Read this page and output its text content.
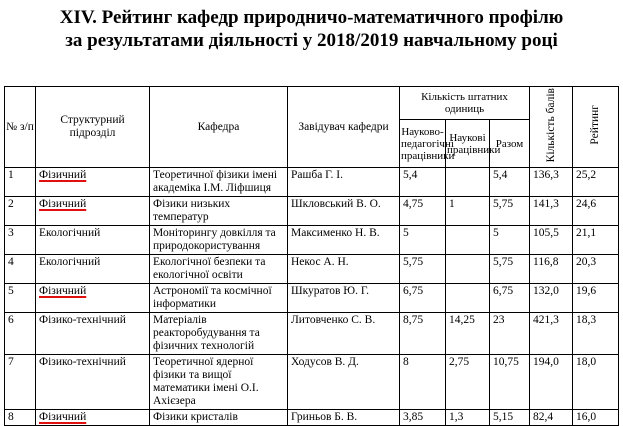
XIV. Рейтинг кафедр природничо-математичного профілю
за результатами діяльності у 2018/2019 навчальному році
№ з/п	Структурний підрозділ	Кафедра	Завідувач кафедри	Кількість штатних одиниць			Кількість балів	Рейтинг
				Науково-педагогічні працівники	Наукові працівники	Разом		
1	Фізичний	Теоретичної фізики імені академіка І.М. Ліфшиця	Рашба Г. І.	5,4		5,4	136,3	25,2
2	Фізичний	Фізики низьких температур	Шкловський В. О.	4,75	1	5,75	141,3	24,6
3	Екологічний	Моніторингу довкілля та природокористування	Максименко Н. В.	5		5	105,5	21,1
4	Екологічний	Екологічної безпеки та екологічної освіти	Некос А. Н.	5,75		5,75	116,8	20,3
5	Фізичний	Астрономії та космічної інформатики	Шкуратов Ю. Г.	6,75		6,75	132,0	19,6
6	Фізико-технічний	Матеріалів реакторобудування та фізичних технологій	Литовченко С. В.	8,75	14,25	23	421,3	18,3
7	Фізико-технічний	Теоретичної ядерної фізики та вищої математики імені О.І. Ахієзера	Ходусов В. Д.	8	2,75	10,75	194,0	18,0
8	Фізичний	Фізики кристалів	Гриньов Б. В.	3,85	1,3	5,15	82,4	16,0
